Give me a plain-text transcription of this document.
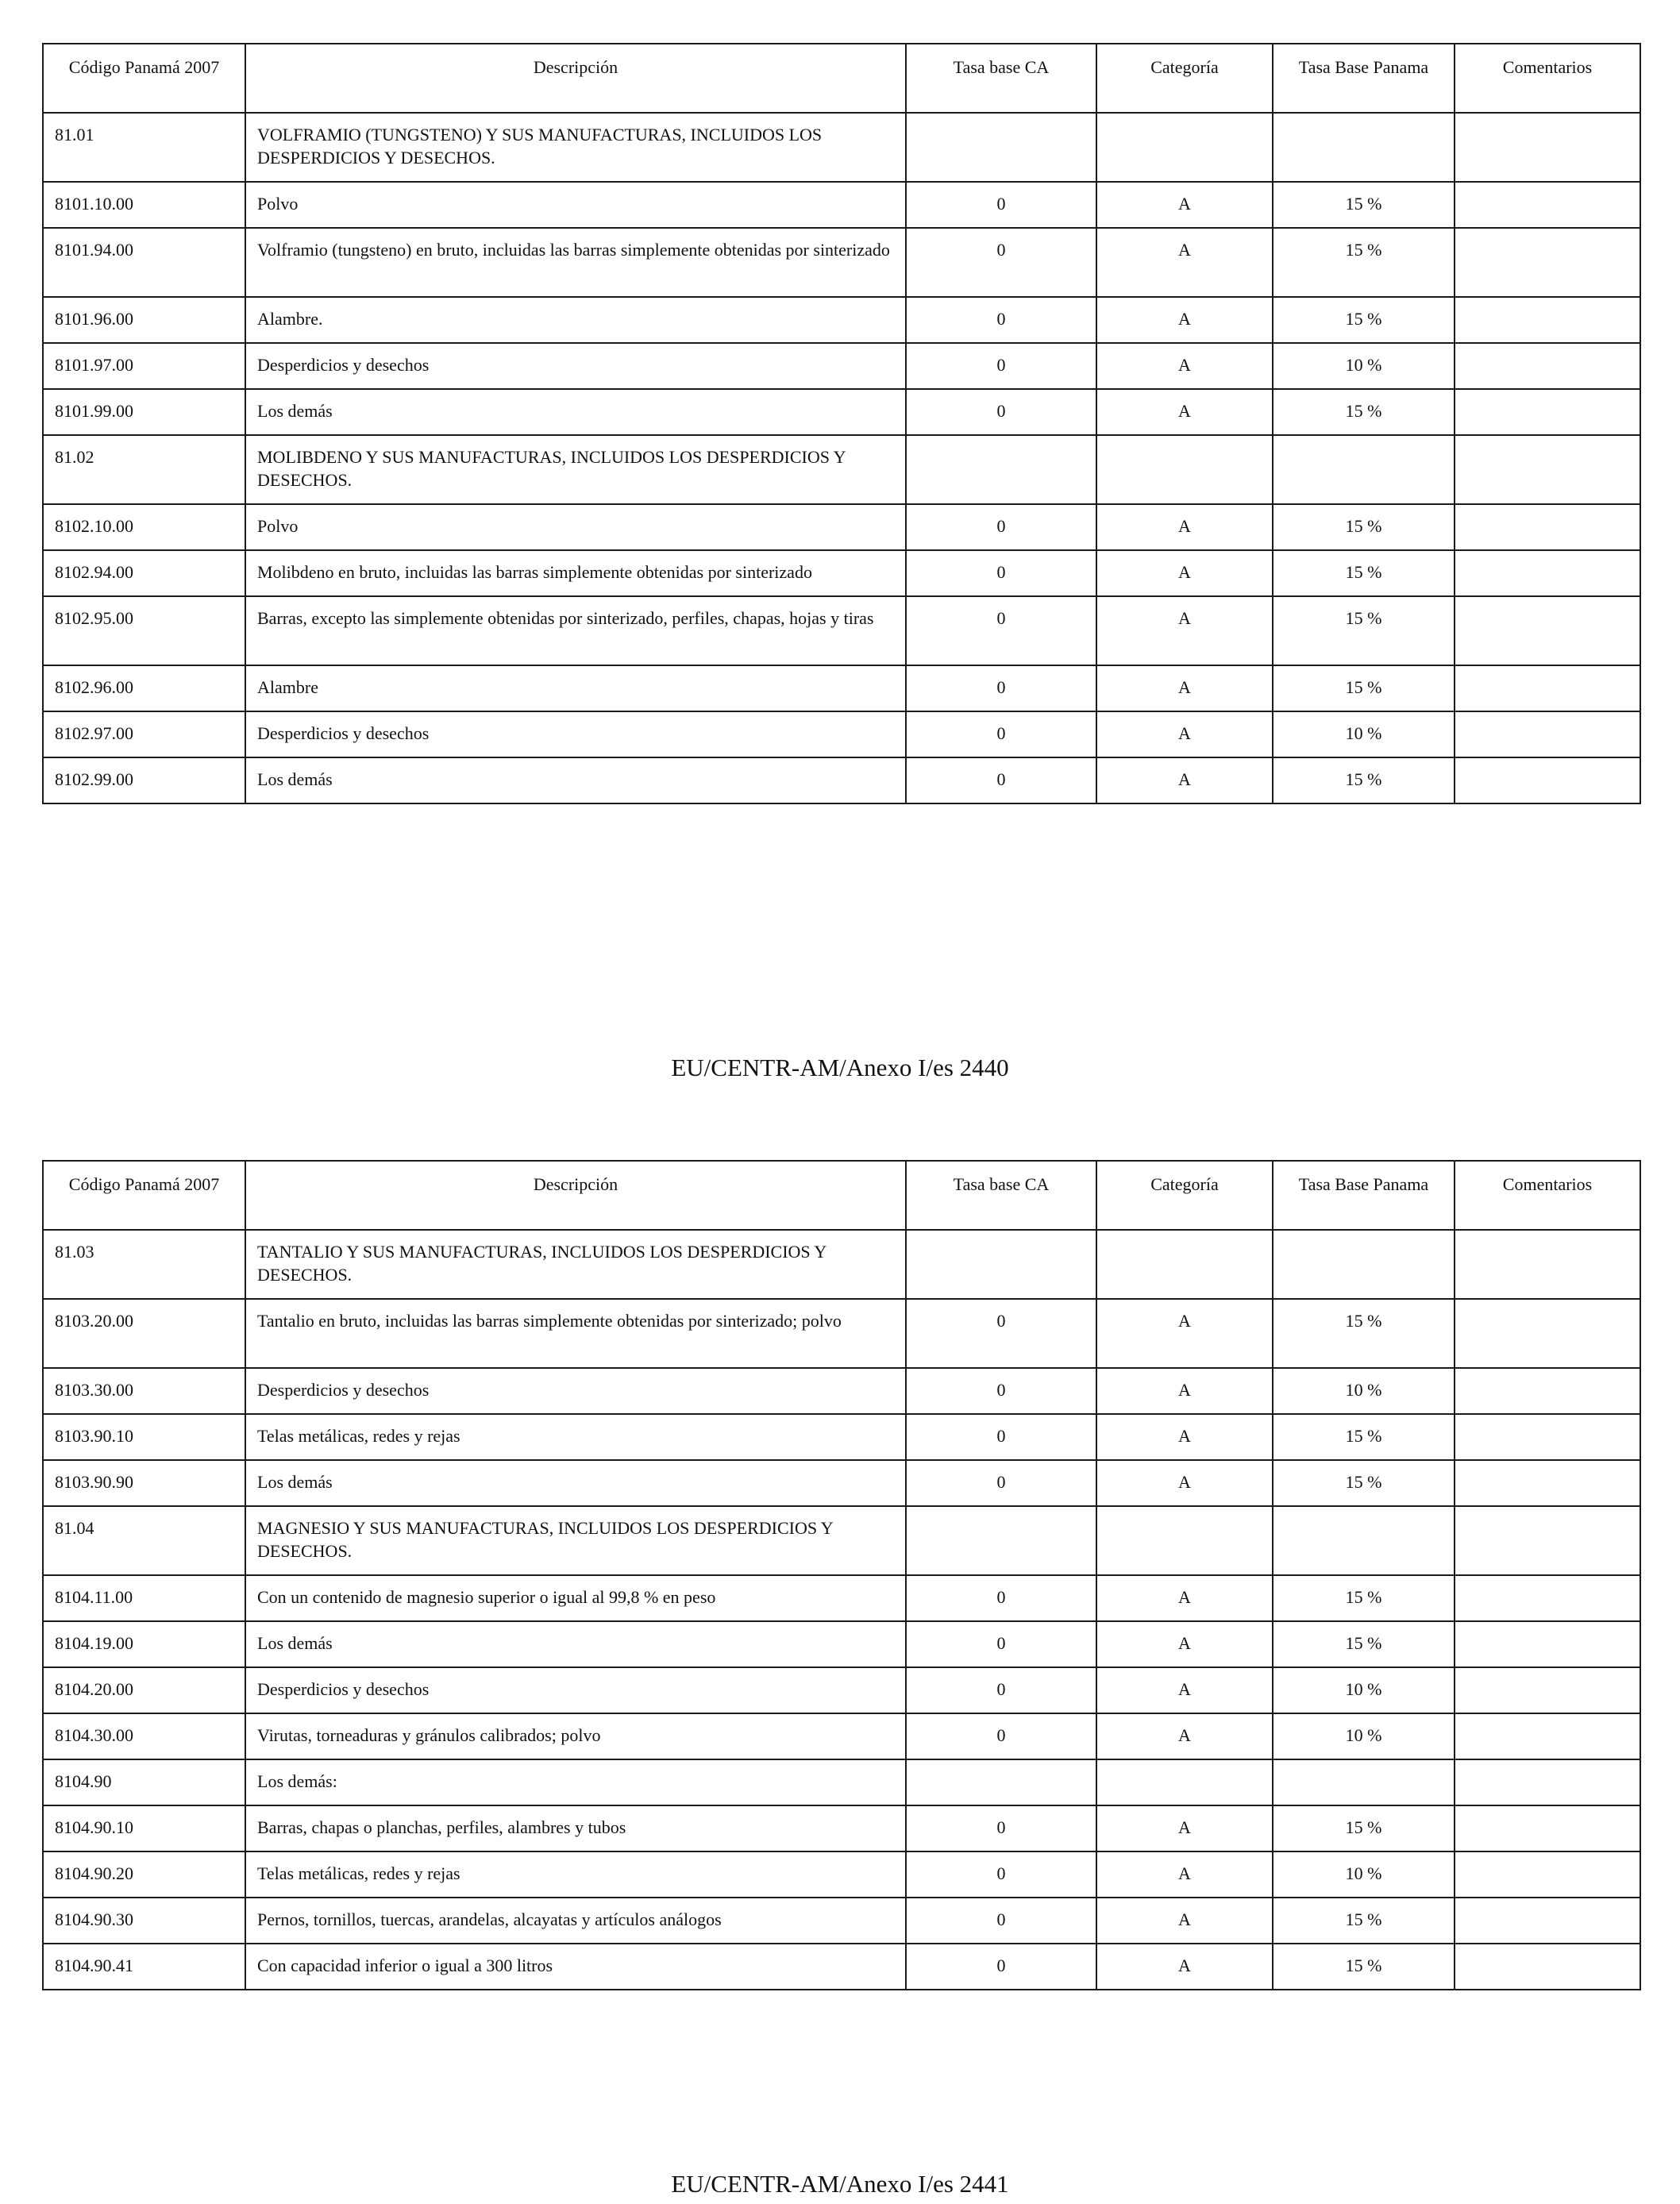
Código Panamá 2007	Descripción	Tasa base CA	Categoría	Tasa Base Panama	Comentarios
81.01	VOLFRAMIO (TUNGSTENO) Y SUS MANUFACTURAS, INCLUIDOS LOS DESPERDICIOS Y DESECHOS.				
8101.10.00	Polvo	0	A	15 %	
8101.94.00	Volframio (tungsteno) en bruto, incluidas las barras simplemente obtenidas por sinterizado	0	A	15 %	
8101.96.00	Alambre.	0	A	15 %	
8101.97.00	Desperdicios y desechos	0	A	10 %	
8101.99.00	Los demás	0	A	15 %	
81.02	MOLIBDENO Y SUS MANUFACTURAS, INCLUIDOS LOS DESPERDICIOS Y DESECHOS.				
8102.10.00	Polvo	0	A	15 %	
8102.94.00	Molibdeno en bruto, incluidas las barras simplemente obtenidas por sinterizado	0	A	15 %	
8102.95.00	Barras, excepto las simplemente obtenidas por sinterizado, perfiles, chapas, hojas y tiras	0	A	15 %	
8102.96.00	Alambre	0	A	15 %	
8102.97.00	Desperdicios y desechos	0	A	10 %	
8102.99.00	Los demás	0	A	15 %	
EU/CENTR-AM/Anexo I/es 2440
Código Panamá 2007	Descripción	Tasa base CA	Categoría	Tasa Base Panama	Comentarios
81.03	TANTALIO Y SUS MANUFACTURAS, INCLUIDOS LOS DESPERDICIOS Y DESECHOS.				
8103.20.00	Tantalio en bruto, incluidas las barras simplemente obtenidas por sinterizado; polvo	0	A	15 %	
8103.30.00	Desperdicios y desechos	0	A	10 %	
8103.90.10	Telas metálicas, redes y rejas	0	A	15 %	
8103.90.90	Los demás	0	A	15 %	
81.04	MAGNESIO Y SUS MANUFACTURAS, INCLUIDOS LOS DESPERDICIOS Y DESECHOS.				
8104.11.00	Con un contenido de magnesio superior o igual al 99,8 % en peso	0	A	15 %	
8104.19.00	Los demás	0	A	15 %	
8104.20.00	Desperdicios y desechos	0	A	10 %	
8104.30.00	Virutas, torneaduras y gránulos calibrados; polvo	0	A	10 %	
8104.90	Los demás:				
8104.90.10	Barras, chapas o planchas, perfiles, alambres y tubos	0	A	15 %	
8104.90.20	Telas metálicas, redes y rejas	0	A	10 %	
8104.90.30	Pernos, tornillos, tuercas, arandelas, alcayatas y artículos análogos	0	A	15 %	
8104.90.41	Con capacidad inferior o igual a 300 litros	0	A	15 %	
EU/CENTR-AM/Anexo I/es 2441
